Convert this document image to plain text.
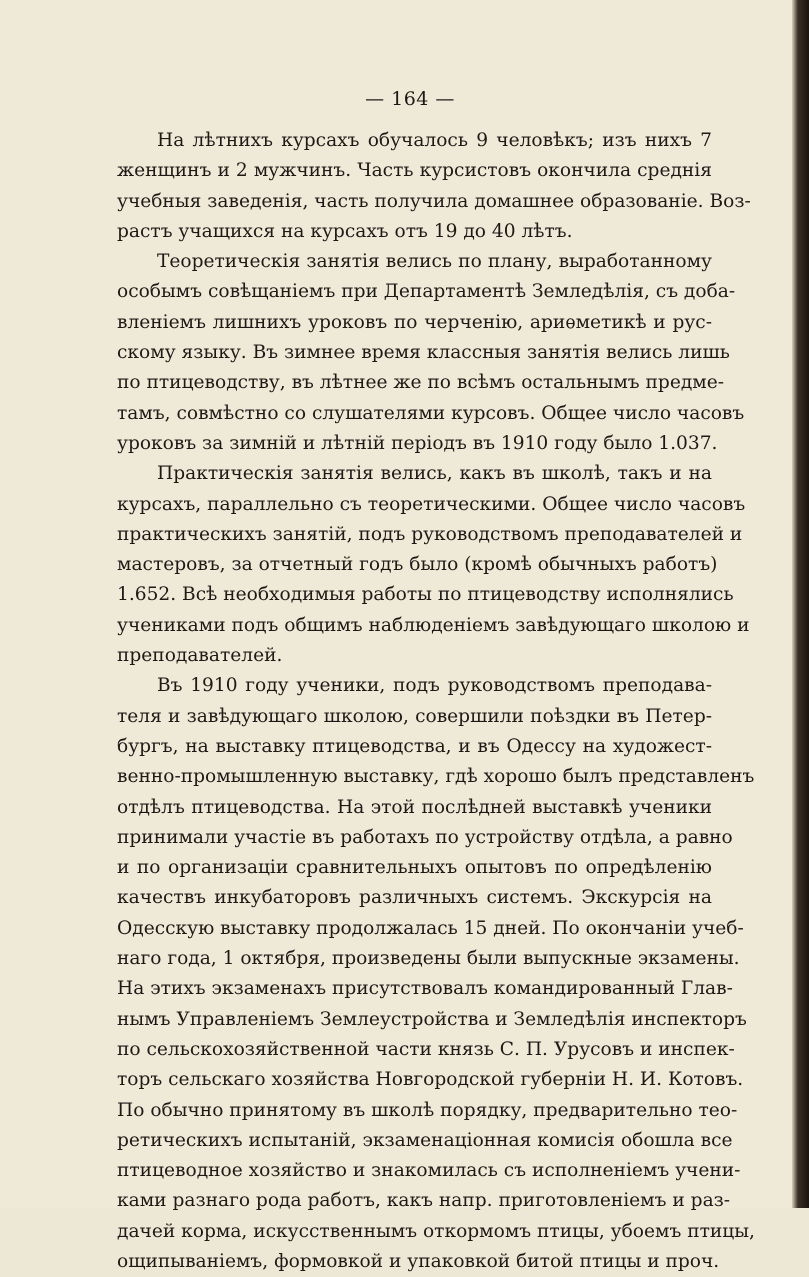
— 164 —
На лѣтнихъ курсахъ обучалось 9 человѣкъ; изъ нихъ 7
женщинъ и 2 мужчинъ. Часть курсистовъ окончила среднія
учебныя заведенія, часть получила домашнее образованіе. Воз-
растъ учащихся на курсахъ отъ 19 до 40 лѣтъ.
Теоретическія занятія велись по плану, выработанному
особымъ совѣщаніемъ при Департаментѣ Земледѣлія, съ доба-
вленіемъ лишнихъ уроковъ по черченію, ариѳметикѣ и рус-
скому языку. Въ зимнее время классныя занятія велись лишь
по птицеводству, въ лѣтнее же по всѣмъ остальнымъ предме-
тамъ, совмѣстно со слушателями курсовъ. Общее число часовъ
уроковъ за зимній и лѣтній періодъ въ 1910 году было 1.037.
Практическія занятія велись, какъ въ школѣ, такъ и на
курсахъ, параллельно съ теоретическими. Общее число часовъ
практическихъ занятій, подъ руководствомъ преподавателей и
мастеровъ, за отчетный годъ было (кромѣ обычныхъ работъ)
1.652. Всѣ необходимыя работы по птицеводству исполнялись
учениками подъ общимъ наблюденіемъ завѣдующаго школою и
преподавателей.
Въ 1910 году ученики, подъ руководствомъ преподава-
теля и завѣдующаго школою, совершили поѣздки въ Петер-
бургъ, на выставку птицеводства, и въ Одессу на художест-
венно-промышленную выставку, гдѣ хорошо былъ представленъ
отдѣлъ птицеводства. На этой послѣдней выставкѣ ученики
принимали участіе въ работахъ по устройству отдѣла, а равно
и по организаціи сравнительныхъ опытовъ по опредѣленію
качествъ инкубаторовъ различныхъ системъ. Экскурсія на
Одесскую выставку продолжалась 15 дней. По окончаніи учеб-
наго года, 1 октября, произведены были выпускные экзамены.
На этихъ экзаменахъ присутствовалъ командированный Глав-
нымъ Управленіемъ Землеустройства и Земледѣлія инспекторъ
по сельскохозяйственной части князь С. П. Урусовъ и инспек-
торъ сельскаго хозяйства Новгородской губерніи Н. И. Котовъ.
По обычно принятому въ школѣ порядку, предварительно тео-
ретическихъ испытаній, экзаменаціонная комисія обошла все
птицеводное хозяйство и знакомилась съ исполненіемъ учени-
ками разнаго рода работъ, какъ напр. приготовленіемъ и раз-
дачей корма, искусственнымъ откормомъ птицы, убоемъ птицы,
ощипываніемъ, формовкой и упаковкой битой птицы и проч.
